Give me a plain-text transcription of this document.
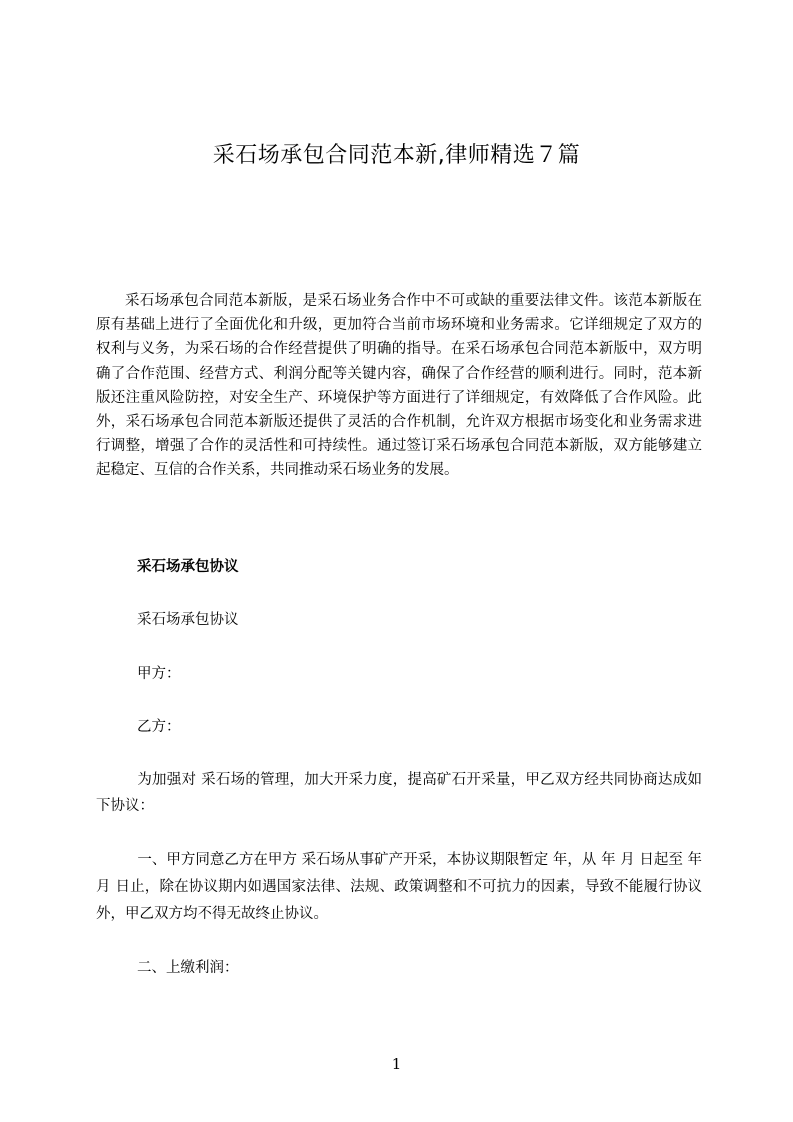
采石场承包合同范本新,律师精选７篇

采石场承包合同范本新版，是采石场业务合作中不可或缺的重要法律文件。该范本新版在原有基础上进行了全面优化和升级，更加符合当前市场环境和业务需求。它详细规定了双方的权利与义务，为采石场的合作经营提供了明确的指导。在采石场承包合同范本新版中，双方明确了合作范围、经营方式、利润分配等关键内容，确保了合作经营的顺利进行。同时，范本新版还注重风险防控，对安全生产、环境保护等方面进行了详细规定，有效降低了合作风险。此外，采石场承包合同范本新版还提供了灵活的合作机制，允许双方根据市场变化和业务需求进行调整，增强了合作的灵活性和可持续性。通过签订采石场承包合同范本新版，双方能够建立起稳定、互信的合作关系，共同推动采石场业务的发展。

采石场承包协议
采石场承包协议
甲方：
乙方：

为加强对 采石场的管理，加大开采力度，提高矿石开采量，甲乙双方经共同协商达成如下协议：

一、甲方同意乙方在甲方 采石场从事矿产开采，本协议期限暂定 年，从 年 月 日起至 年 月 日止，除在协议期内如遇国家法律、法规、政策调整和不可抗力的因素，导致不能履行协议外，甲乙双方均不得无故终止协议。

二、上缴利润：
1
